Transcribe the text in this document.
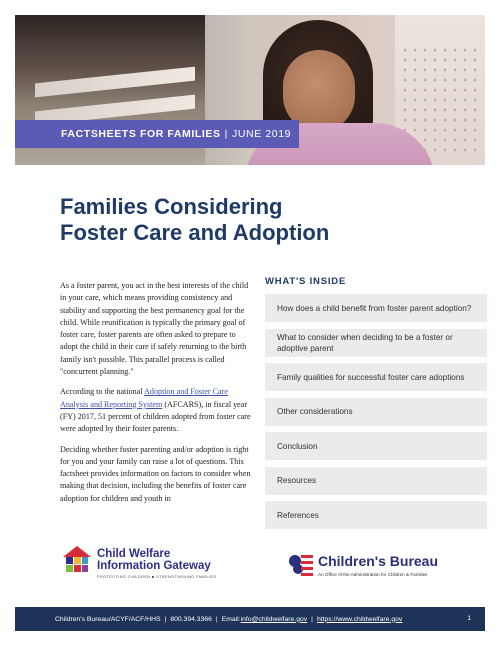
FACTSHEETS FOR FAMILIES | JUNE 2019
Families Considering
Foster Care and Adoption

As a foster parent, you act in the best interests of the child in your care, which means providing consistency and stability and supporting the best permanency goal for the child. While reunification is typically the primary goal of foster care, foster parents are often asked to prepare to adopt the child in their care if safely returning to the birth family isn't possible. This parallel process is called "concurrent planning."

According to the national Adoption and Foster Care Analysis and Reporting System (AFCARS), in fiscal year (FY) 2017, 51 percent of children adopted from foster care were adopted by their foster parents.

Deciding whether foster parenting and/or adoption is right for you and your family can raise a lot of questions. This factsheet provides information on factors to consider when making that decision, including the benefits of foster care adoption for children and youth in

WHAT'S INSIDE
How does a child benefit from foster parent adoption?
What to consider when deciding to be a foster or adoptive parent
Family qualities for successful foster care adoptions
Other considerations
Conclusion
Resources
References
Child Welfare
Information Gateway
PROTECTING CHILDREN ■ STRENGTHENING FAMILIES
Children's Bureau
An Office of the Administration for Children & Families
Children's Bureau/ACYF/ACF/HHS | 800.394.3366 | Email: info@childwelfare.gov | https://www.childwelfare.gov	1
